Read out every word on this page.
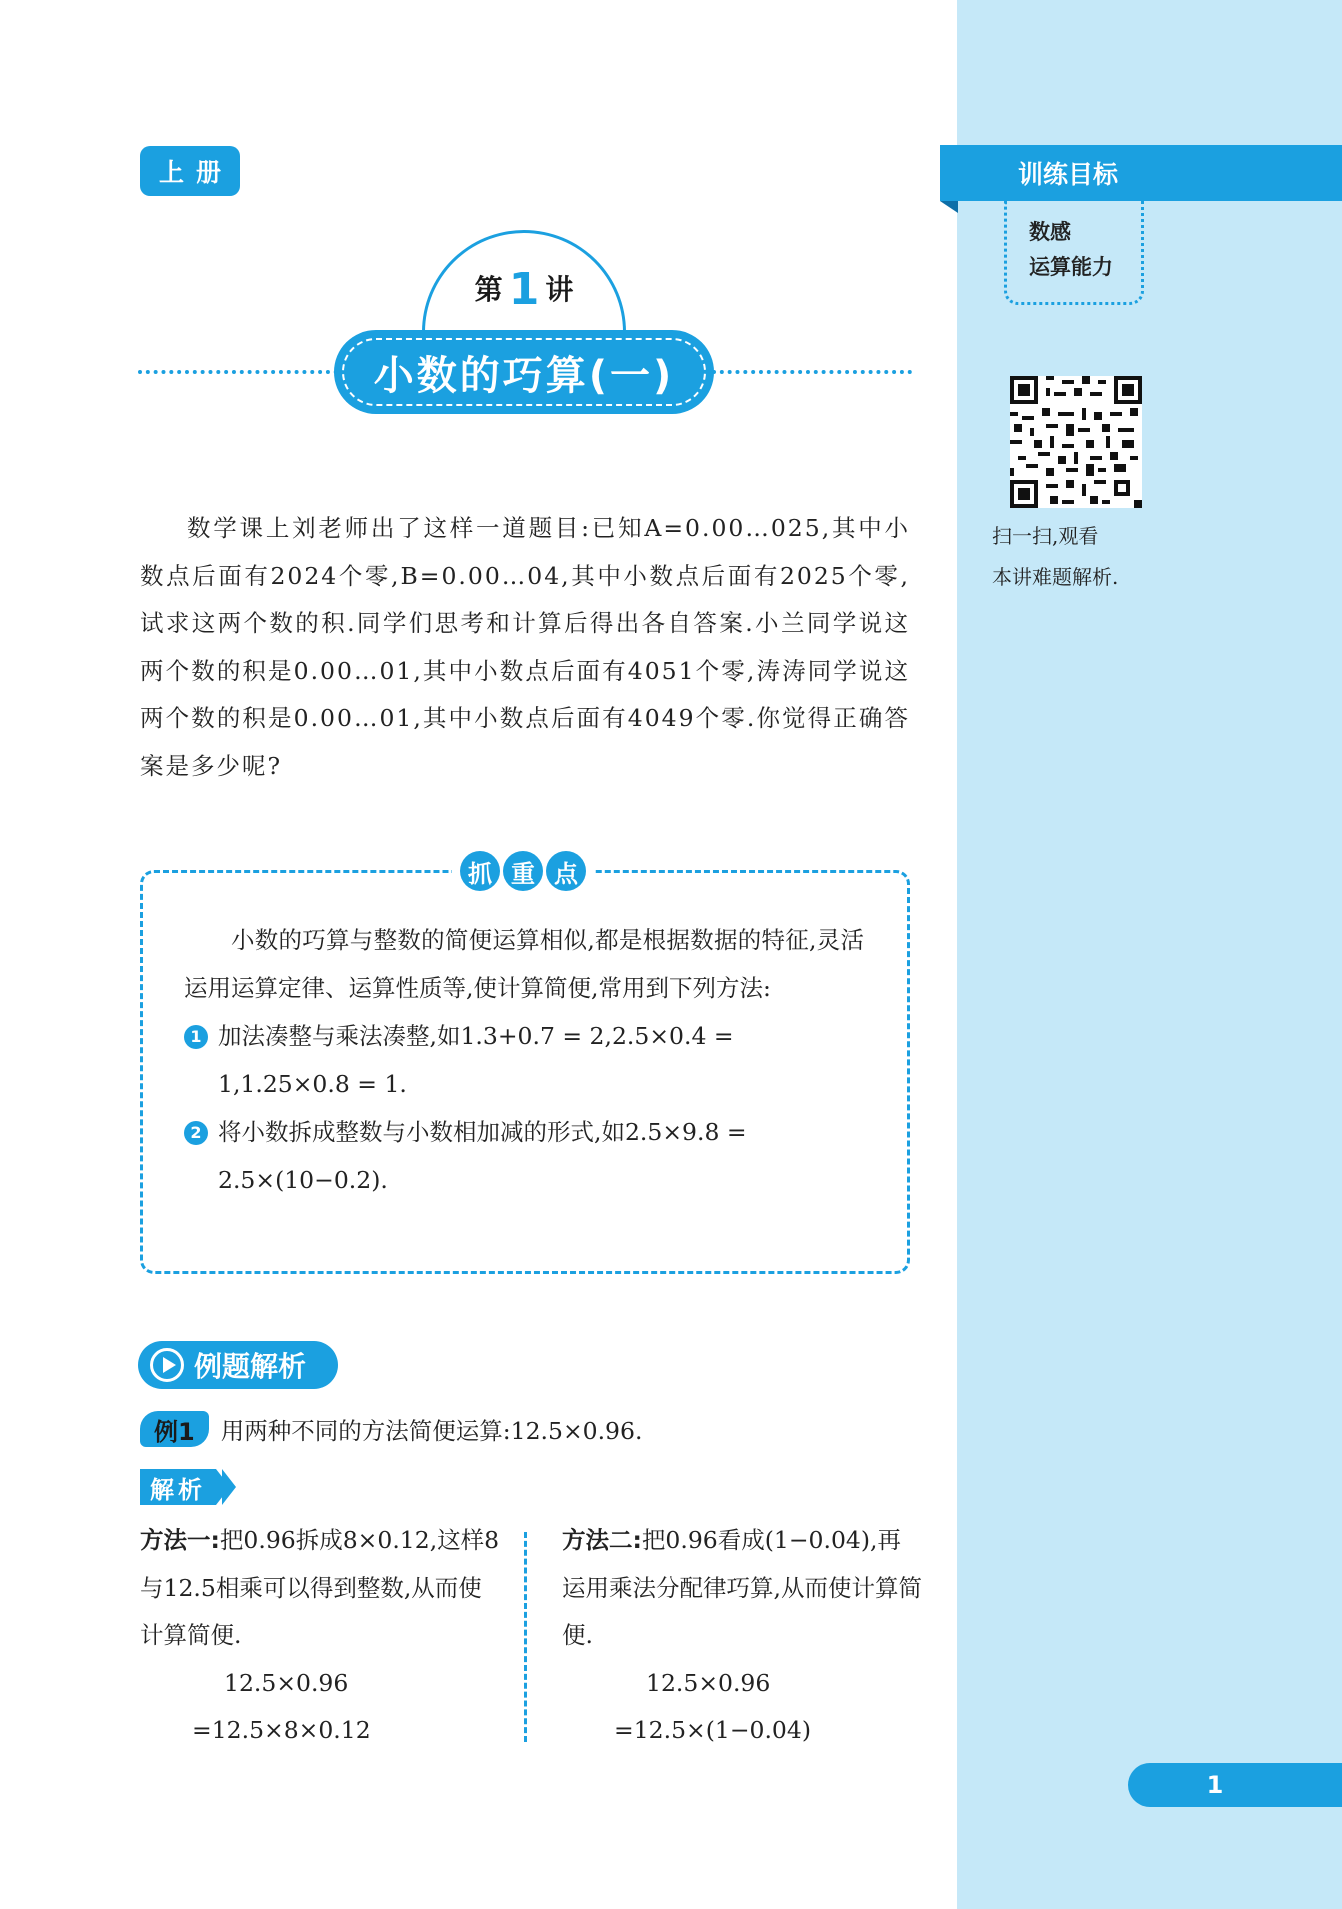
上册	训练目标
数感
运算能力
扫一扫,观看
本讲难题解析.
第 1 讲
小数的巧算(一)

数学课上刘老师出了这样一道题目:已知A=0.00…025,其中小数点后面有2024个零,B=0.00…04,其中小数点后面有2025个零,试求这两个数的积.同学们思考和计算后得出各自答案.小兰同学说这两个数的积是0.00…01,其中小数点后面有4051个零,涛涛同学说这两个数的积是0.00…01,其中小数点后面有4049个零.你觉得正确答案是多少呢?

抓 重 点
小数的巧算与整数的简便运算相似,都是根据数据的特征,灵活运用运算定律、运算性质等,使计算简便,常用到下列方法:
1 加法凑整与乘法凑整,如1.3+0.7 = 2,2.5×0.4 = 1,1.25×0.8 = 1.
2 将小数拆成整数与小数相加减的形式,如2.5×9.8 = 2.5×(10−0.2).
例题解析
例1	用两种不同的方法简便运算:12.5×0.96.
解析
方法一:把0.96拆成8×0.12,这样8与12.5相乘可以得到整数,从而使计算简便.
12.5×0.96
=12.5×8×0.12
方法二:把0.96看成(1−0.04),再运用乘法分配律巧算,从而使计算简便.
12.5×0.96
=12.5×(1−0.04)
1
